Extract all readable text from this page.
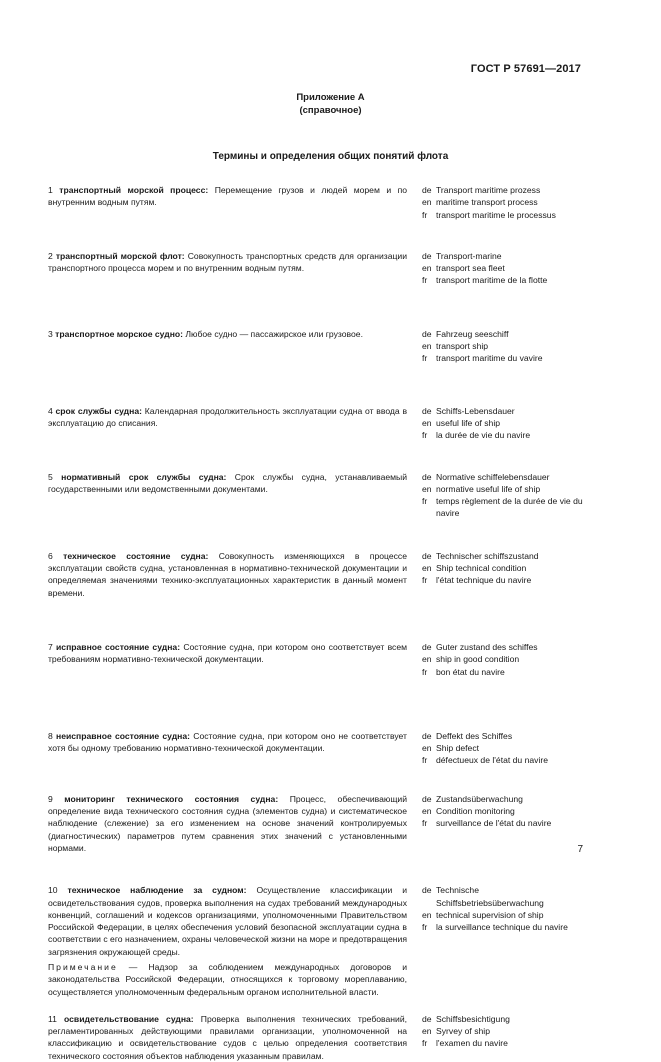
ГОСТ Р 57691—2017
Приложение А
(справочное)
Термины и определения общих понятий флота

1 транспортный морской процесс: Перемещение грузов и людей морем и по внутренним водным путям.

de Transport maritime prozess
en maritime transport process
fr	transport maritime le processus

2 транспортный морской флот: Совокупность транспортных средств для организации транспортного процесса морем и по внутренним водным путям.

de Transport-marine
en transport sea fleet
fr	transport maritime de la flotte

3 транспортное морское судно: Любое судно — пассажирское или грузовое.	de Fahrzeug seeschiff
en transport ship
fr	transport maritime du vavire

4 срок службы судна: Календарная продолжительность эксплуатации судна от ввода в эксплуатацию до списания.

de Schiffs-Lebensdauer
en useful life of ship
fr	la durée de vie du navire

5 нормативный срок службы судна: Срок службы судна, устанавливаемый государственными или ведомственными документами.

de Normative schiffelebensdauer
en normative useful life of ship
fr	temps règlement de la durée de vie du navire

6 техническое состояние судна: Совокупность изменяющихся в процессе эксплуатации свойств судна, установленная в нормативно-технической документации и определяемая значениями технико-эксплуатационных характеристик в данный момент времени.

de Technischer schiffszustand
en Ship technical condition
fr	l'état technique du navire

7 исправное состояние судна: Состояние судна, при котором оно соответствует всем требованиям нормативно-технической документации.

de Guter zustand des schiffes
en ship in good condition
fr	bon état du navire

8 неисправное состояние судна: Состояние судна, при котором оно не соответствует хотя бы одному требованию нормативно-технической документации.

de Deffekt des Schiffes
en Ship defect
fr	défectueux de l'état du navire

9 мониторинг технического состояния судна: Процесс, обеспечивающий определение вида технического состояния судна (элементов судна) и систематическое наблюдение (слежение) за его изменением на основе значений контролируемых (диагностических) параметров путем сравнения этих значений с установленными нормами.

de Zustandsüberwachung
en Condition monitoring
fr	surveillance de l'état du navire

10 техническое наблюдение за судном: Осуществление классификации и освидетельствования судов, проверка выполнения на судах требований международных конвенций, соглашений и кодексов организациями, уполномоченными Правительством Российской Федерации, в целях обеспечения условий безопасной эксплуатации судна в соответствии с его назначением, охраны человеческой жизни на море и предотвращения загрязнения окружающей среды.

Примечание — Надзор за соблюдением международных договоров и законодательства Российской Федерации, относящихся к торговому мореплаванию, осуществляется уполномоченным федеральным органом исполнительной власти.

de Technische Schiffsbetriebsüberwachung
en technical supervision of ship
fr	la surveillance technique du navire

11 освидетельствование судна: Проверка выполнения технических требований, регламентированных действующими правилами организации, уполномоченной на классификацию и освидетельствование судов с целью определения соответствия технического состояния объектов наблюдения указанным правилам.

de Schiffsbesichtigung
en Syrvey of ship
fr	l'examen du navire
7
